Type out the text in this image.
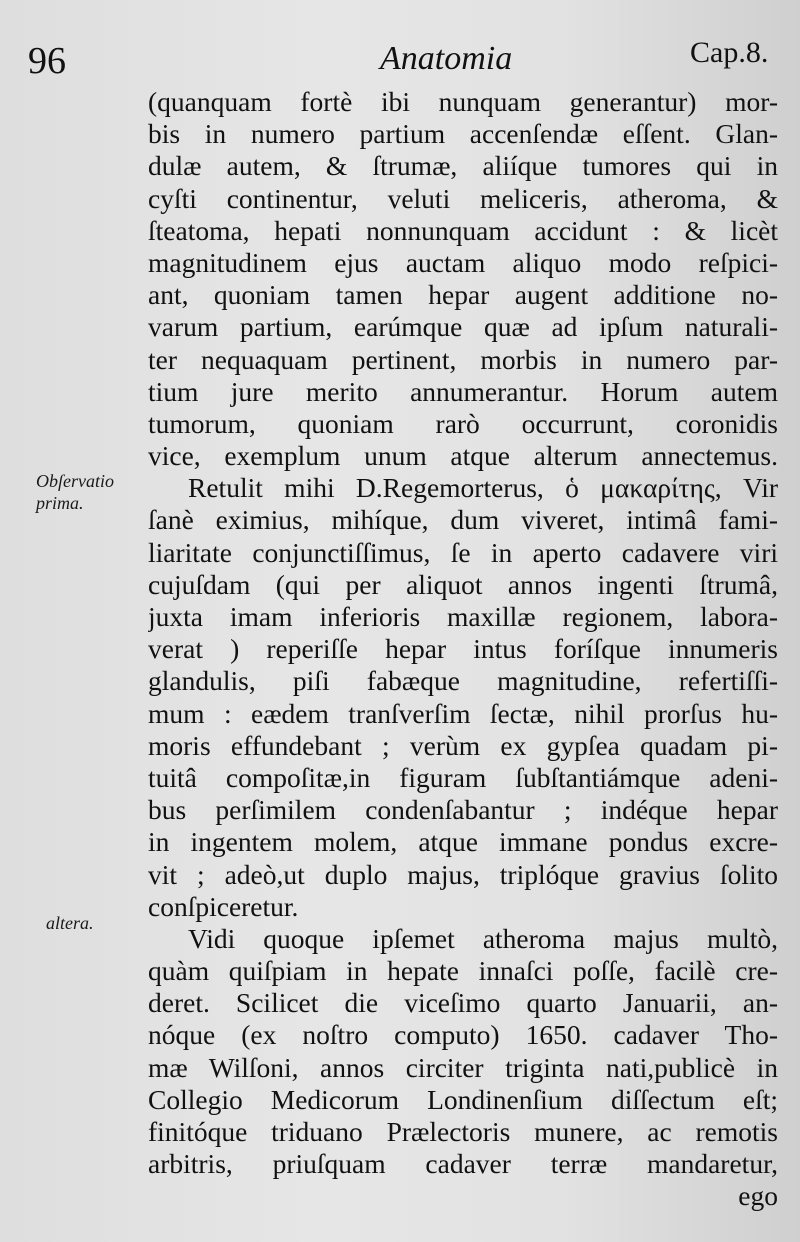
96	Anatomia	Cap.8.
Obſervatio
prima.
altera.
(quanquam fortè ibi nunquam generantur) mor-
bis in numero partium accenſendæ eſſent. Glan-
dulæ autem, & ſtrumæ, aliíque tumores qui in
cyſti continentur, veluti meliceris, atheroma, &
ſteatoma, hepati nonnunquam accidunt : & licèt
magnitudinem ejus auctam aliquo modo reſpici-
ant, quoniam tamen hepar augent additione no-
varum partium, earúmque quæ ad ipſum naturali-
ter nequaquam pertinent, morbis in numero par-
tium jure merito annumerantur. Horum autem
tumorum, quoniam rarò occurrunt, coronidis
vice, exemplum unum atque alterum annectemus.
Retulit mihi D.Regemorterus, ὁ μακαρίτης, Vir
ſanè eximius, mihíque, dum viveret, intimâ fami-
liaritate conjunctiſſimus, ſe in aperto cadavere viri
cujuſdam (qui per aliquot annos ingenti ſtrumâ,
juxta imam inferioris maxillæ regionem, labora-
verat ) reperiſſe hepar intus foríſque innumeris
glandulis, piſi fabæque magnitudine, refertiſſi-
mum : eædem tranſverſim ſectæ, nihil prorſus hu-
moris effundebant ; verùm ex gypſea quadam pi-
tuitâ compoſitæ,in figuram ſubſtantiámque adeni-
bus perſimilem condenſabantur ; indéque hepar
in ingentem molem, atque immane pondus excre-
vit ; adeò,ut duplo majus, triplóque gravius ſolito
conſpiceretur.
Vidi quoque ipſemet atheroma majus multò,
quàm quiſpiam in hepate innaſci poſſe, facilè cre-
deret. Scilicet die viceſimo quarto Januarii, an-
nóque (ex noſtro computo) 1650. cadaver Tho-
mæ Wilſoni, annos circiter triginta nati,publicè in
Collegio Medicorum Londinenſium diſſectum eſt;
finitóque triduano Prælectoris munere, ac remotis
arbitris, priuſquam cadaver terræ mandaretur,
ego
